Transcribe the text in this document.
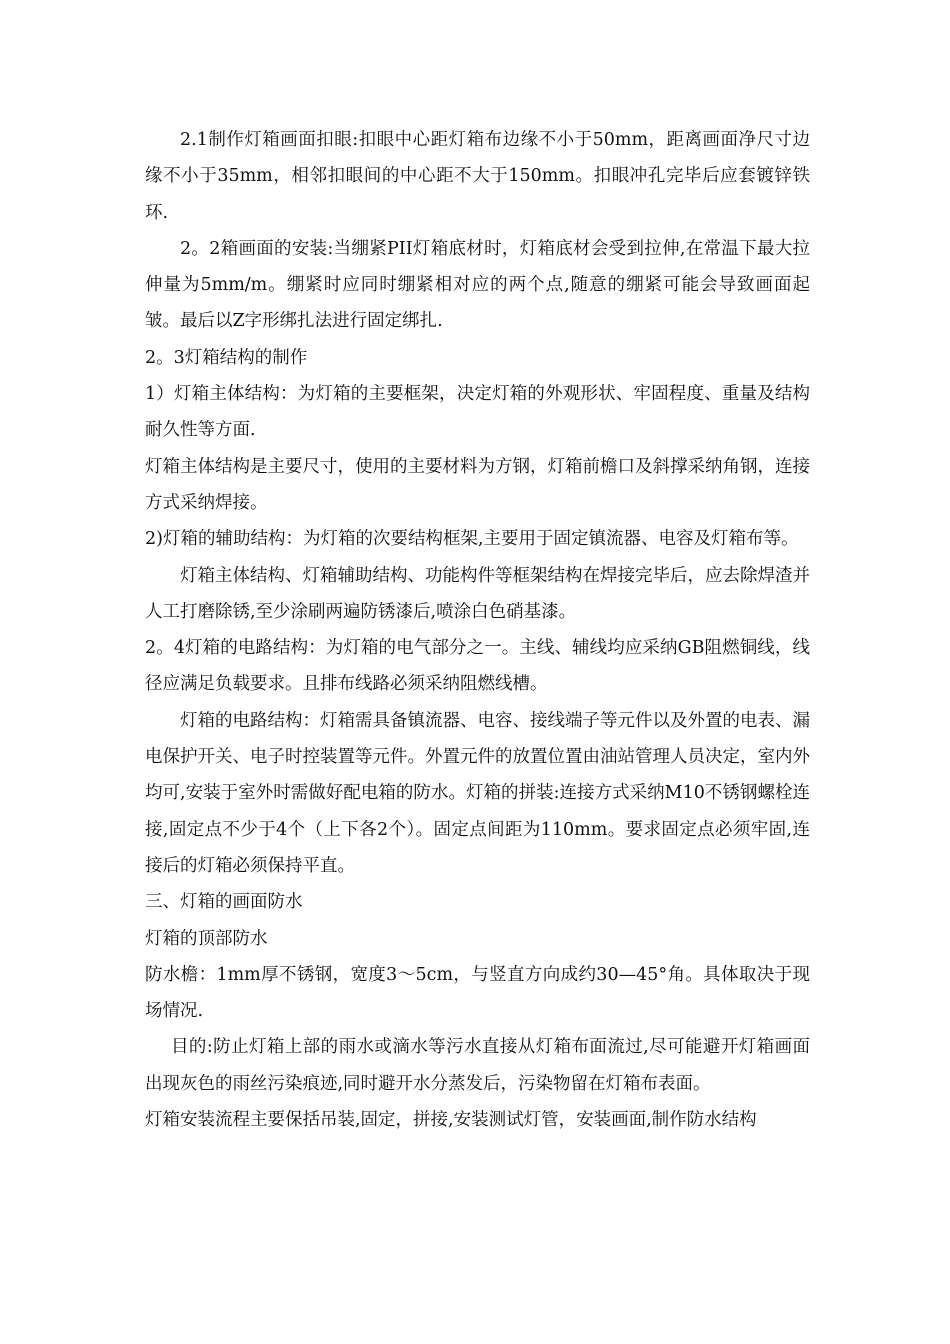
2.1制作灯箱画面扣眼:扣眼中心距灯箱布边缘不小于50mm，距离画面净尺寸边缘不小于35mm，相邻扣眼间的中心距不大于150mm。扣眼冲孔完毕后应套镀锌铁环.

2。2箱画面的安装:当绷紧PII灯箱底材时，灯箱底材会受到拉伸,在常温下最大拉伸量为5mm/m。绷紧时应同时绷紧相对应的两个点,随意的绷紧可能会导致画面起皱。最后以Z字形绑扎法进行固定绑扎.

2。3灯箱结构的制作

1）灯箱主体结构：为灯箱的主要框架，决定灯箱的外观形状、牢固程度、重量及结构耐久性等方面.

灯箱主体结构是主要尺寸，使用的主要材料为方钢，灯箱前檐口及斜撑采纳角钢，连接方式采纳焊接。

2)灯箱的辅助结构：为灯箱的次要结构框架,主要用于固定镇流器、电容及灯箱布等。

灯箱主体结构、灯箱辅助结构、功能构件等框架结构在焊接完毕后，应去除焊渣并人工打磨除锈,至少涂刷两遍防锈漆后,喷涂白色硝基漆。

2。4灯箱的电路结构：为灯箱的电气部分之一。主线、辅线均应采纳GB阻燃铜线，线径应满足负载要求。且排布线路必须采纳阻燃线槽。

灯箱的电路结构：灯箱需具备镇流器、电容、接线端子等元件以及外置的电表、漏电保护开关、电子时控装置等元件。外置元件的放置位置由油站管理人员决定，室内外均可,安装于室外时需做好配电箱的防水。灯箱的拼装:连接方式采纳M10不锈钢螺栓连接,固定点不少于4个（上下各2个）。固定点间距为110mm。要求固定点必须牢固,连接后的灯箱必须保持平直。

三、灯箱的画面防水

灯箱的顶部防水

防水檐：1mm厚不锈钢，宽度3～5cm，与竖直方向成约30—45°角。具体取决于现场情况.

目的:防止灯箱上部的雨水或滴水等污水直接从灯箱布面流过,尽可能避开灯箱画面出现灰色的雨丝污染痕迹,同时避开水分蒸发后，污染物留在灯箱布表面。

灯箱安装流程主要保括吊装,固定，拼接,安装测试灯管，安装画面,制作防水结构
